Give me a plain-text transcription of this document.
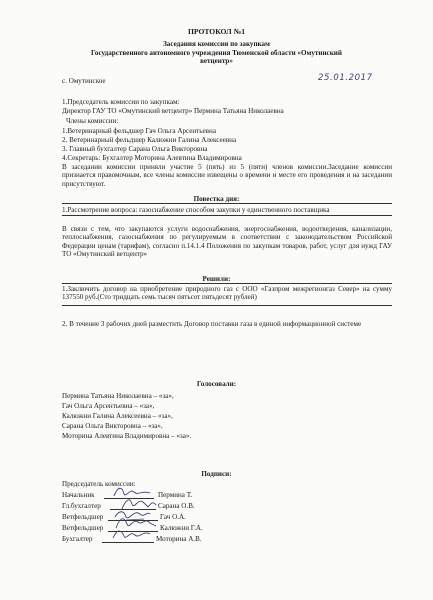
ПРОТОКОЛ №1
Заседания комиссии по закупкам
Государственного автономного учреждения Тюменской области «Омутинский
ветцентр»
с. Омутинское	25.01.2017
1.Председатель комиссии по закупкам:
Директор ГАУ ТО «Омутинский ветцентр» Пермина Татьяна Николаевна
Члены комиссии:
1.Ветеринарный фельдшер Гач Ольга Арсентьевна
2. Ветеринарный фельдшер Калюжни Галина Алексеевна
3. Главный бухгалтер Сарана Ольга Викторовна
4.Секретарь: Бухгалтер Моторина Алевтина Владимировна
В заседании комиссии приняли участие 5 (пять) из 5 (пяти) членов комиссии.Заседание комиссии признается правомочным, все члены комиссии извещены о времени и месте его проведения и на заседании присутствуют.
Повестка дня:
1.Рассмотрение вопроса: газоснабжение способом закупки у единственного поставщика
В связи с тем, что закупаются услуги водоснабжения, энергоснабжения, водоотведения, канализации, теплоснабжения, газоснабжения по регулируемым в соответствии с законодательством Российской Федерации ценам (тарифам), согласно п.14.1.4 Положения по закупкам товаров, работ, услуг для нужд ГАУ ТО «Омутинский ветцентр»
Решили:
1.Заключить договор на приобретение природного газ с ООО «Газпром межрегионгаз Север» на сумму 137550 руб.(Сто тридцать семь тысяч пятьсот пятьдесят рублей)
2. В течение 3 рабочих дней разместить Договор поставки газа в единой информационной системе
Голосовали:
Пермина Татьяна Николаевна – «за»,
Гач Ольга Арсентьевна – «за»,
Калюжни Галина Алексеевна – «за»,
Сарана Ольга Викторовна – «за»,
Моторина Алевтина Владимировна – «за».
Подписи:
Председатель комиссии:
Начальник	Пермина Т.
Гл.бухгалтер	Сарана О.В.
Ветфельдшер	Гач О.А.
Ветфельдшер	Калюжни Г.А.
Бухгалтер	Моторина А.В.
